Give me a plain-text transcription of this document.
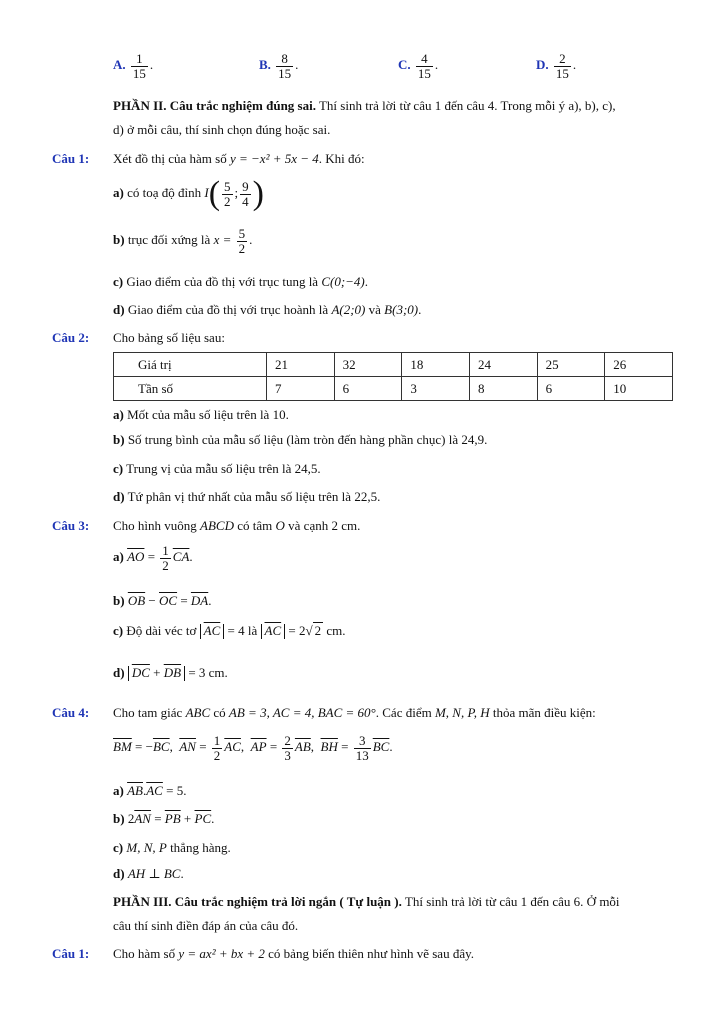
A. $\frac{1}{15}$ .	B. $\frac{8}{15}$ .	C. $\frac{4}{15}$ .	D. $\frac{2}{15}$ .
PHẦN II. Câu trắc nghiệm đúng sai. Thí sinh trả lời từ câu 1 đến câu 4. Trong mỗi ý a), b), c),
d) ở mỗi câu, thí sinh chọn đúng hoặc sai.
Câu 1: Xét đồ thị của hàm số y = −x² + 5x − 4. Khi đó:
a) có toạ độ đỉnh $I( \frac{5}{2}$ ; $\frac{9}{4}$ )
b) trục đối xứng là $x = \frac{5}{2}$ .
c) Giao điểm của đồ thị với trục tung là C(0;−4).
d) Giao điểm của đồ thị với trục hoành là A(2;0) và B(3;0).
Câu 2: Cho bảng số liệu sau:
Giá trị	21	32	18	24	25	26
Tần số	7	6	3	8	6	10
a) Mốt của mẫu số liệu trên là 10.
b) Số trung bình của mẫu số liệu (làm tròn đến hàng phần chục) là 24,9.
c) Trung vị của mẫu số liệu trên là 24,5.
d) Tứ phân vị thứ nhất của mẫu số liệu trên là 22,5.
Câu 3: Cho hình vuông ABCD có tâm O và cạnh 2 cm.
a) $\overline{AO} = \frac{1}{2} \overline{CA}$.
b) $\overline{OB} - \overline{OC} = \overline{DA}$.
c) Độ dài véc tơ $\overline{AC} = 4$ là $\overline{AC} = 2√$ 2 cm.
d) $\overline{DC} + \overline{DB} = 3$ cm.
Câu 4: Cho tam giác ABC có AB = 3, AC = 4, BAC = 60°. Các điểm M, N, P, H thỏa mãn điều kiện:
$\overline{BM} = -\overline{BC}$, $\overline{AN} = \frac{1}{2} \overline{AC}$, $\overline{AP} = \frac{2}{3} \overline{AB}$, $\overline{BH} = \frac{3}{13} \overline{BC}$.
a) $\overline{AB}.\overline{AC} = 5$.
b) $2\overline{AN} = \overline{PB} + \overline{PC}$.
c) M, N, P thẳng hàng.
d) AH ⊥ BC.
PHẦN III. Câu trắc nghiệm trả lời ngắn ( Tự luận ). Thí sinh trả lời từ câu 1 đến câu 6. Ở mỗi
câu thí sinh điền đáp án của câu đó.
Câu 1: Cho hàm số y = ax² + bx + 2 có bảng biến thiên như hình vẽ sau đây.
